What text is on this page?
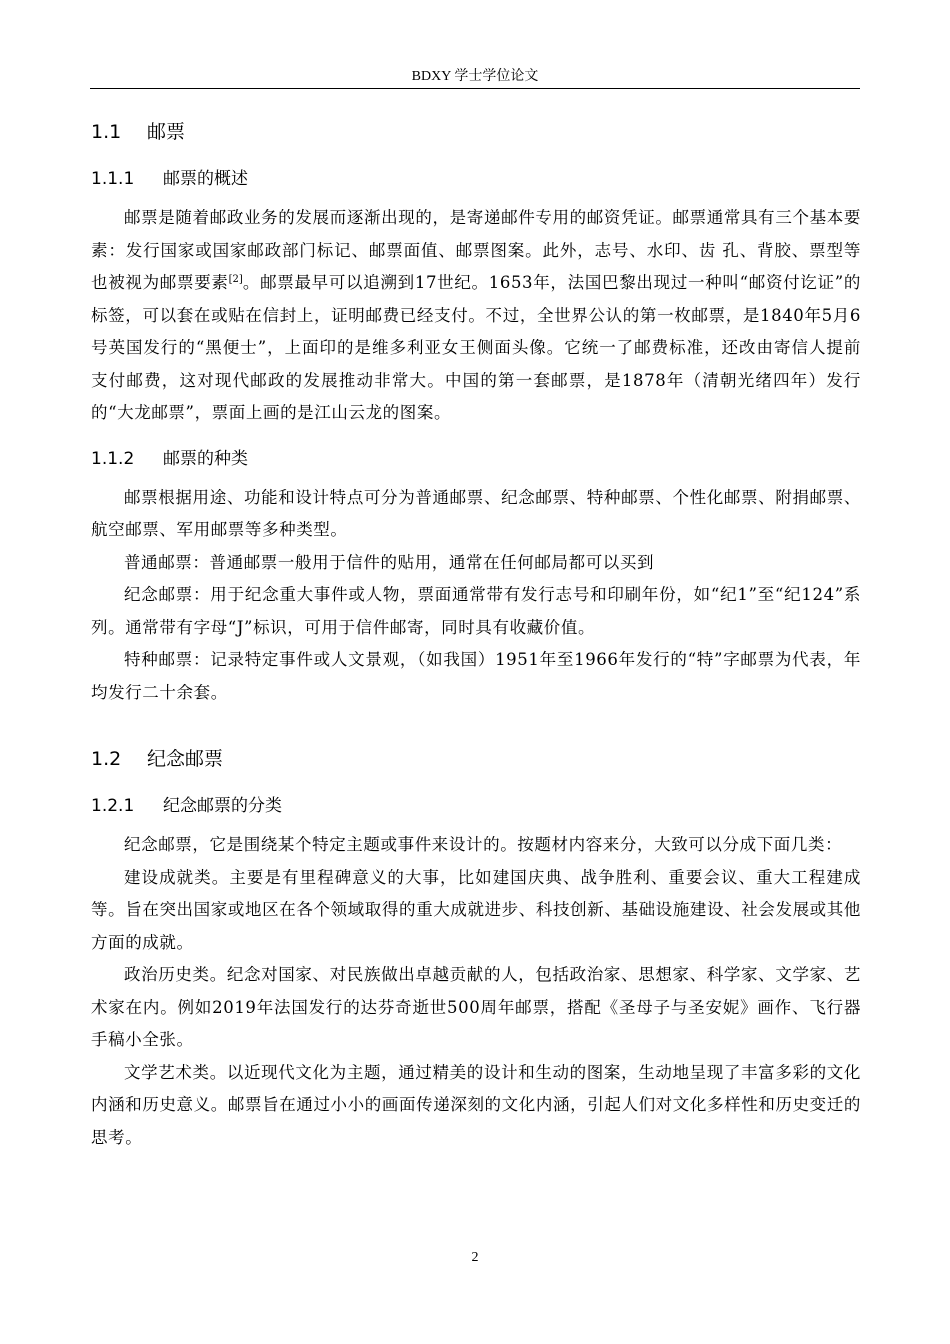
BDXY 学士学位论文
1.1 邮票
1.1.1 邮票的概述

邮票是随着邮政业务的发展而逐渐出现的，是寄递邮件专用的邮资凭证。邮票通常具有三个基本要素：发行国家或国家邮政部门标记、邮票面值、邮票图案。此外，志号、水印、齿 孔、背胶、票型等也被视为邮票要素[2]。邮票最早可以追溯到17世纪。1653年，法国巴黎出现过一种叫“邮资付讫证”的标签，可以套在或贴在信封上，证明邮费已经支付。不过，全世界公认的第一枚邮票，是1840年5月6号英国发行的“黑便士”，上面印的是维多利亚女王侧面头像。它统一了邮费标准，还改由寄信人提前支付邮费，这对现代邮政的发展推动非常大。中国的第一套邮票，是1878年（清朝光绪四年）发行的“大龙邮票”，票面上画的是江山云龙的图案。

1.1.2 邮票的种类

邮票根据用途、功能和设计特点可分为普通邮票、纪念邮票、特种邮票、个性化邮票、附捐邮票、航空邮票、军用邮票等多种类型。

普通邮票：普通邮票一般用于信件的贴用，通常在任何邮局都可以买到

纪念邮票：用于纪念重大事件或人物，票面通常带有发行志号和印刷年份，如“纪1”至“纪124”系列。通常带有字母“J”标识，可用于信件邮寄，同时具有收藏价值。

特种邮票：记录特定事件或人文景观，（如我国）1951年至1966年发行的“特”字邮票为代表，年均发行二十余套。

1.2 纪念邮票
1.2.1 纪念邮票的分类

纪念邮票，它是围绕某个特定主题或事件来设计的。按题材内容来分，大致可以分成下面几类：

建设成就类。主要是有里程碑意义的大事，比如建国庆典、战争胜利、重要会议、重大工程建成等。旨在突出国家或地区在各个领域取得的重大成就进步、科技创新、基础设施建设、社会发展或其他方面的成就。

政治历史类。纪念对国家、对民族做出卓越贡献的人，包括政治家、思想家、科学家、文学家、艺术家在内。例如2019年法国发行的达芬奇逝世500周年邮票，搭配《圣母子与圣安妮》画作、飞行器手稿小全张。

文学艺术类。以近现代文化为主题，通过精美的设计和生动的图案，生动地呈现了丰富多彩的文化内涵和历史意义。邮票旨在通过小小的画面传递深刻的文化内涵，引起人们对文化多样性和历史变迁的思考。

2
